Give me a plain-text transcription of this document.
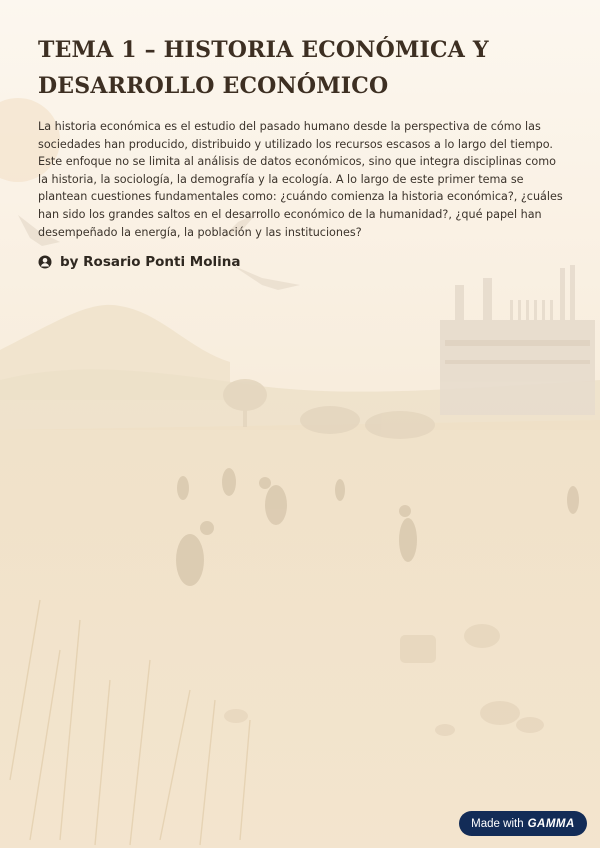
TEMA 1 – HISTORIA ECONÓMICA Y
DESARROLLO ECONÓMICO

La historia económica es el estudio del pasado humano desde la perspectiva de cómo las sociedades han producido, distribuido y utilizado los recursos escasos a lo largo del tiempo. Este enfoque no se limita al análisis de datos económicos, sino que integra disciplinas como la historia, la sociología, la demografía y la ecología. A lo largo de este primer tema se plantean cuestiones fundamentales como: ¿cuándo comienza la historia económica?, ¿cuáles han sido los grandes saltos en el desarrollo económico de la humanidad?, ¿qué papel han desempeñado la energía, la población y las instituciones?

by Rosario Ponti Molina
Made with GAMMA
